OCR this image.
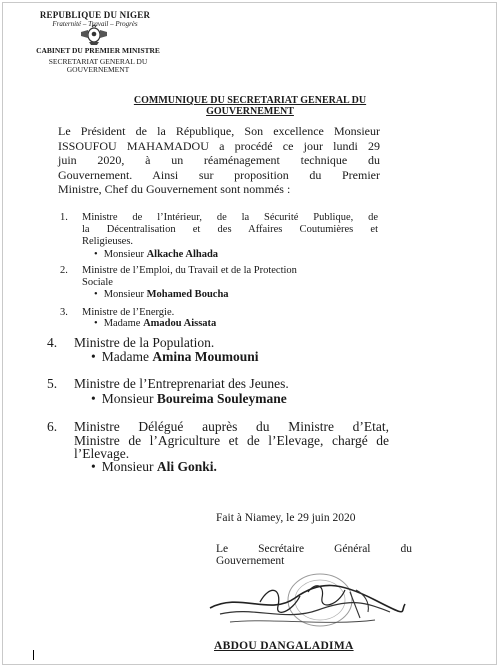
REPUBLIQUE DU NIGER
Fraternité – Travail – Progrès
CABINET DU PREMIER MINISTRE
SECRETARIAT GENERAL DU
GOUVERNEMENT
COMMUNIQUE DU SECRETARIAT GENERAL DU
GOUVERNEMENT
Le Président de la République, Son excellence Monsieur
ISSOUFOU MAHAMADOU a procédé ce jour lundi 29
juin 2020, à un réaménagement technique du
Gouvernement. Ainsi sur proposition du Premier
Ministre, Chef du Gouvernement sont nommés :
1. Ministre de l’Intérieur, de la Sécurité Publique, de
la Décentralisation et des Affaires Coutumières et
Religieuses.
• Monsieur Alkache Alhada
2. Ministre de l’Emploi, du Travail et de la Protection
Sociale
• Monsieur Mohamed Boucha
3. Ministre de l’Energie.
• Madame Amadou Aissata
4. Ministre de la Population.
• Madame Amina Moumouni
5. Ministre de l’Entreprenariat des Jeunes.
• Monsieur Boureima Souleymane
6. Ministre Délégué auprès du Ministre d’Etat,
Ministre de l’Agriculture et de l’Elevage, chargé de
l’Elevage.
• Monsieur Ali Gonki.
Fait à Niamey, le 29 juin 2020
Le Secrétaire Général du
Gouvernement
ABDOU DANGALADIMA
